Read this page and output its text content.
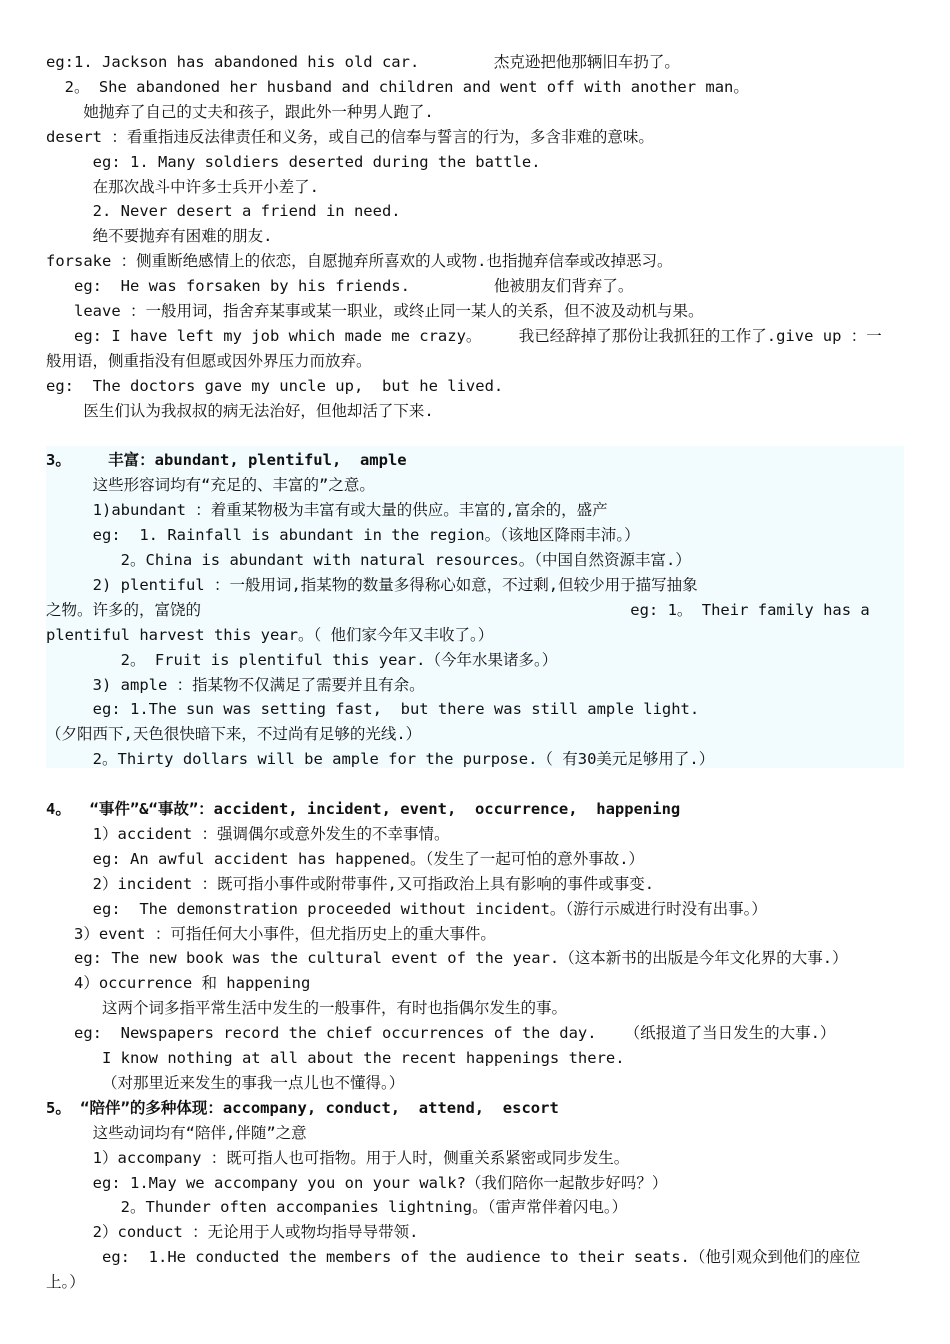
eg:1. Jackson has abandoned his old car.        杰克逊把他那辆旧车扔了。
2。 She abandoned her husband and children and went off with another man。
她抛弃了自己的丈夫和孩子，跟此外一种男人跑了.
desert ：看重指违反法律责任和义务，或自己的信奉与誓言的行为，多含非难的意味。
eg: 1. Many soldiers deserted during the battle.
在那次战斗中许多士兵开小差了.
2. Never desert a friend in need.
绝不要抛弃有困难的朋友.
forsake ：侧重断绝感情上的依恋，自愿抛弃所喜欢的人或物.也指抛弃信奉或改掉恶习。
eg:  He was forsaken by his friends.         他被朋友们背弃了。
leave ：一般用词，指舍弃某事或某一职业，或终止同一某人的关系，但不波及动机与果。
eg: I have left my job which made me crazy。    我已经辞掉了那份让我抓狂的工作了.give up ：一
般用语，侧重指没有但愿或因外界压力而放弃。
eg:  The doctors gave my uncle up,  but he lived.
医生们认为我叔叔的病无法治好，但他却活了下来.
3。    丰富：abundant, plentiful,  ample
这些形容词均有“充足的、丰富的”之意。
1)abundant ：着重某物极为丰富有或大量的供应。丰富的,富余的，盛产
eg:  1. Rainfall is abundant in the region。（该地区降雨丰沛。）
2。China is abundant with natural resources。（中国自然资源丰富.）
2) plentiful ：一般用词,指某物的数量多得称心如意，不过剩,但较少用于描写抽象
之物。许多的，富饶的                                              eg: 1。 Their family has a
plentiful harvest this year。（ 他们家今年又丰收了。）
2。 Fruit is plentiful this year.（今年水果诸多。）
3) ample ：指某物不仅满足了需要并且有余。
eg: 1.The sun was setting fast,  but there was still ample light.
（夕阳西下,天色很快暗下来，不过尚有足够的光线.）
2。Thirty dollars will be ample for the purpose.（ 有30美元足够用了.）
4。  “事件”&“事故”：accident, incident, event,  occurrence,  happening
1）accident ：强调偶尔或意外发生的不幸事情。
eg: An awful accident has happened。（发生了一起可怕的意外事故.）
2）incident ：既可指小事件或附带事件,又可指政治上具有影响的事件或事变.
eg:  The demonstration proceeded without incident。（游行示威进行时没有出事。）
3）event ：可指任何大小事件，但尤指历史上的重大事件。
eg: The new book was the cultural event of the year.（这本新书的出版是今年文化界的大事.）
4）occurrence 和 happening
这两个词多指平常生活中发生的一般事件，有时也指偶尔发生的事。
eg:  Newspapers record the chief occurrences of the day.   （纸报道了当日发生的大事.）
I know nothing at all about the recent happenings there.
（对那里近来发生的事我一点儿也不懂得。）
5。 “陪伴”的多种体现：accompany, conduct,  attend,  escort
这些动词均有“陪伴,伴随”之意
1）accompany ：既可指人也可指物。用于人时，侧重关系紧密或同步发生。
eg: 1.May we accompany you on your walk?（我们陪你一起散步好吗？）
2。Thunder often accompanies lightning。（雷声常伴着闪电。）
2）conduct ：无论用于人或物均指导导带领.
eg:  1.He conducted the members of the audience to their seats.（他引观众到他们的座位
上。）
